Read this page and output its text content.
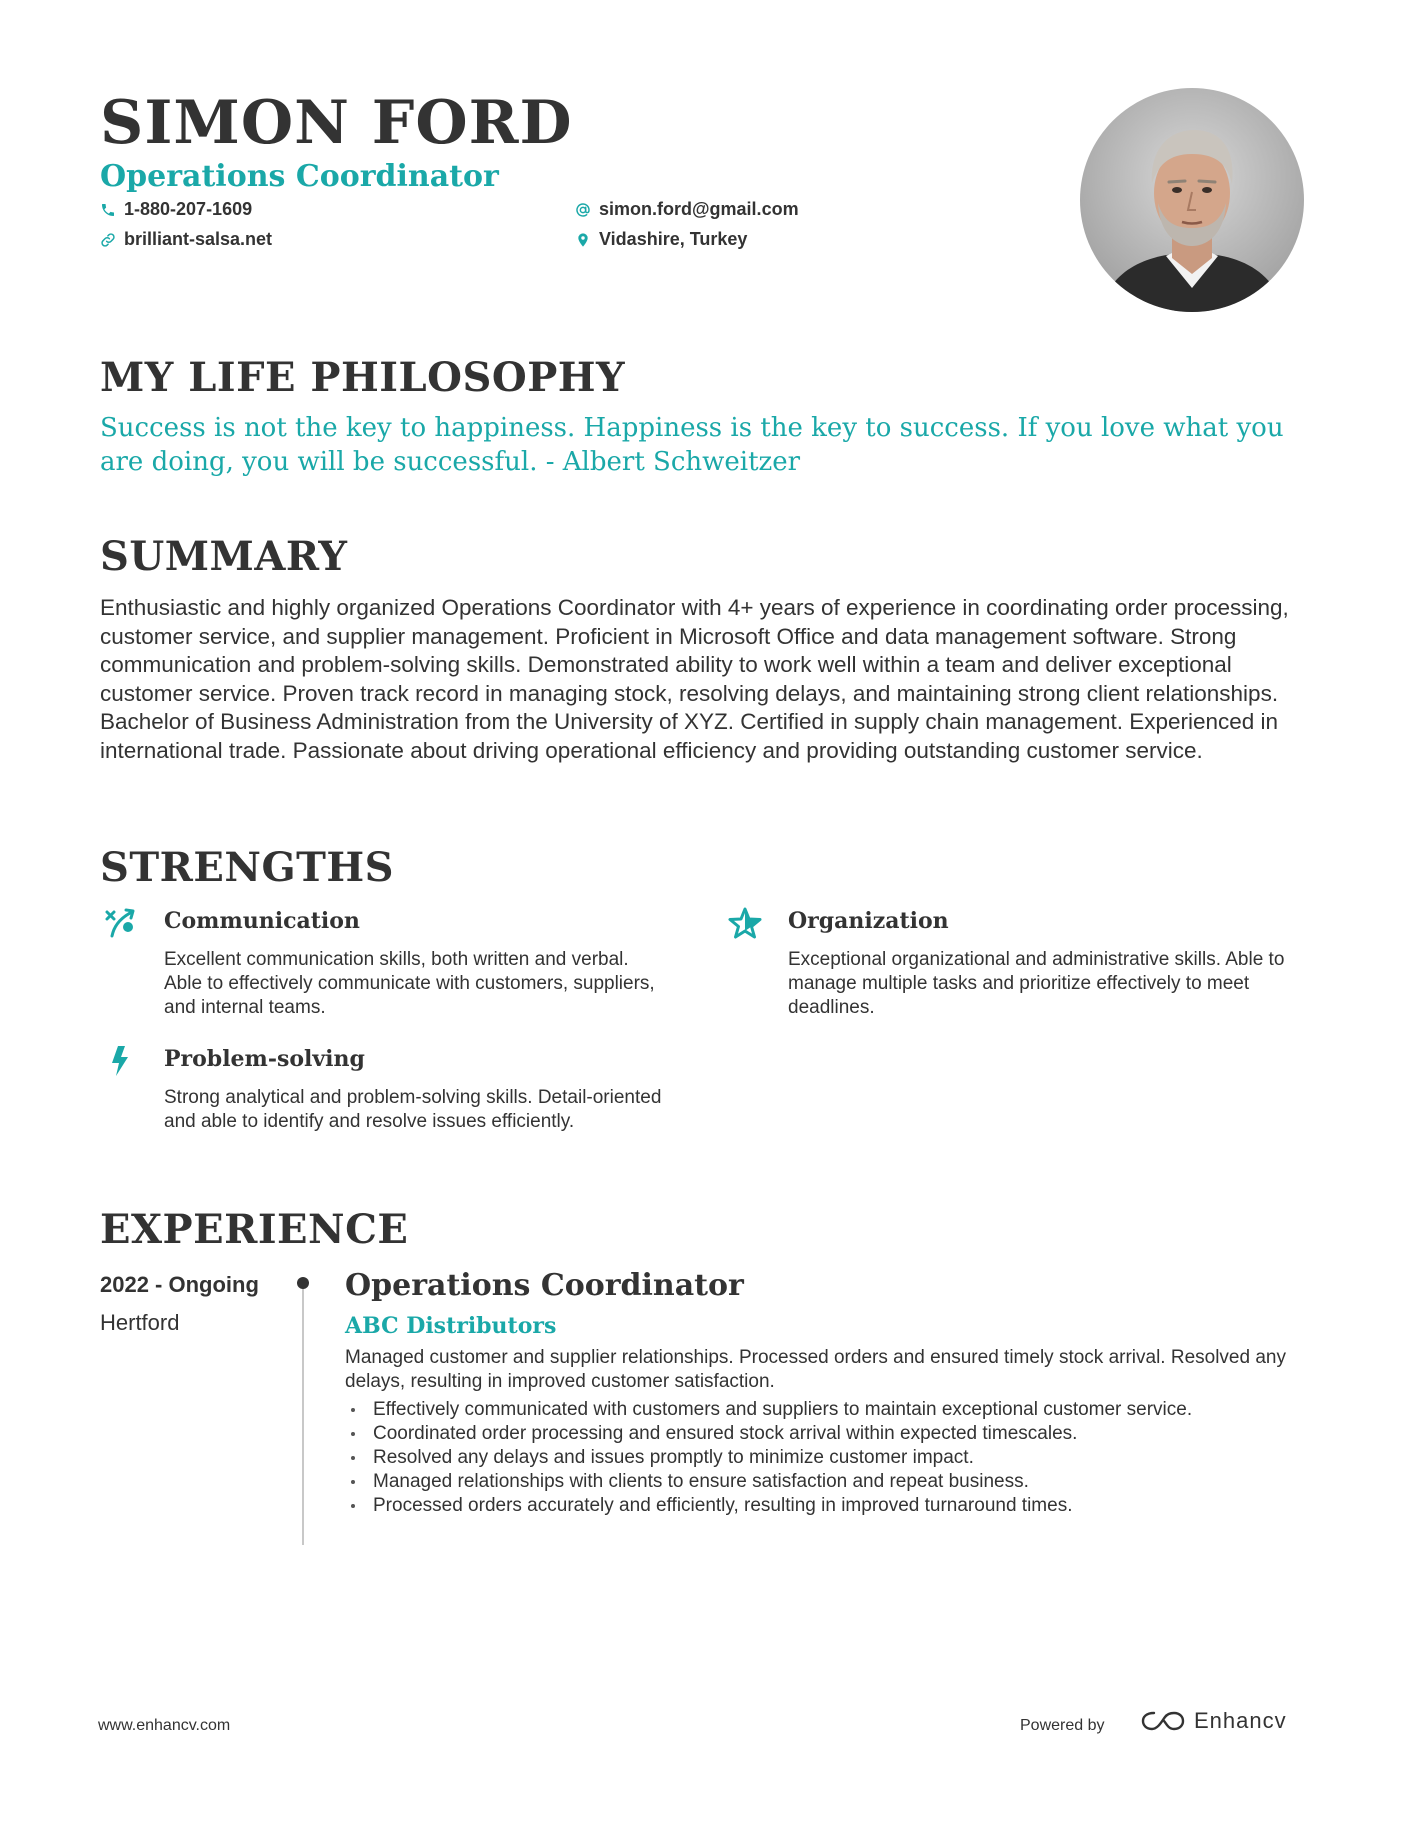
SIMON FORD
Operations Coordinator
1-880-207-1609	simon.ford@gmail.com
brilliant-salsa.net	Vidashire, Turkey
MY LIFE PHILOSOPHY

Success is not the key to happiness. Happiness is the key to success. If you love what you are doing, you will be successful. - Albert Schweitzer

SUMMARY

Enthusiastic and highly organized Operations Coordinator with 4+ years of experience in coordinating order processing, customer service, and supplier management. Proficient in Microsoft Office and data management software. Strong communication and problem-solving skills. Demonstrated ability to work well within a team and deliver exceptional customer service. Proven track record in managing stock, resolving delays, and maintaining strong client relationships. Bachelor of Business Administration from the University of XYZ. Certified in supply chain management. Experienced in international trade. Passionate about driving operational efficiency and providing outstanding customer service.

STRENGTHS
Communication

Excellent communication skills, both written and verbal. Able to effectively communicate with customers, suppliers, and internal teams.

Organization

Exceptional organizational and administrative skills. Able to manage multiple tasks and prioritize effectively to meet deadlines.

Problem-solving

Strong analytical and problem-solving skills. Detail-oriented and able to identify and resolve issues efficiently.

EXPERIENCE
2022 - Ongoing
Hertford
Operations Coordinator
ABC Distributors

Managed customer and supplier relationships. Processed orders and ensured timely stock arrival. Resolved any delays, resulting in improved customer satisfaction.

Effectively communicated with customers and suppliers to maintain exceptional customer service.
Coordinated order processing and ensured stock arrival within expected timescales.
Resolved any delays and issues promptly to minimize customer impact.
Managed relationships with clients to ensure satisfaction and repeat business.
Processed orders accurately and efficiently, resulting in improved turnaround times.
www.enhancv.com	Powered by	Enhancv
